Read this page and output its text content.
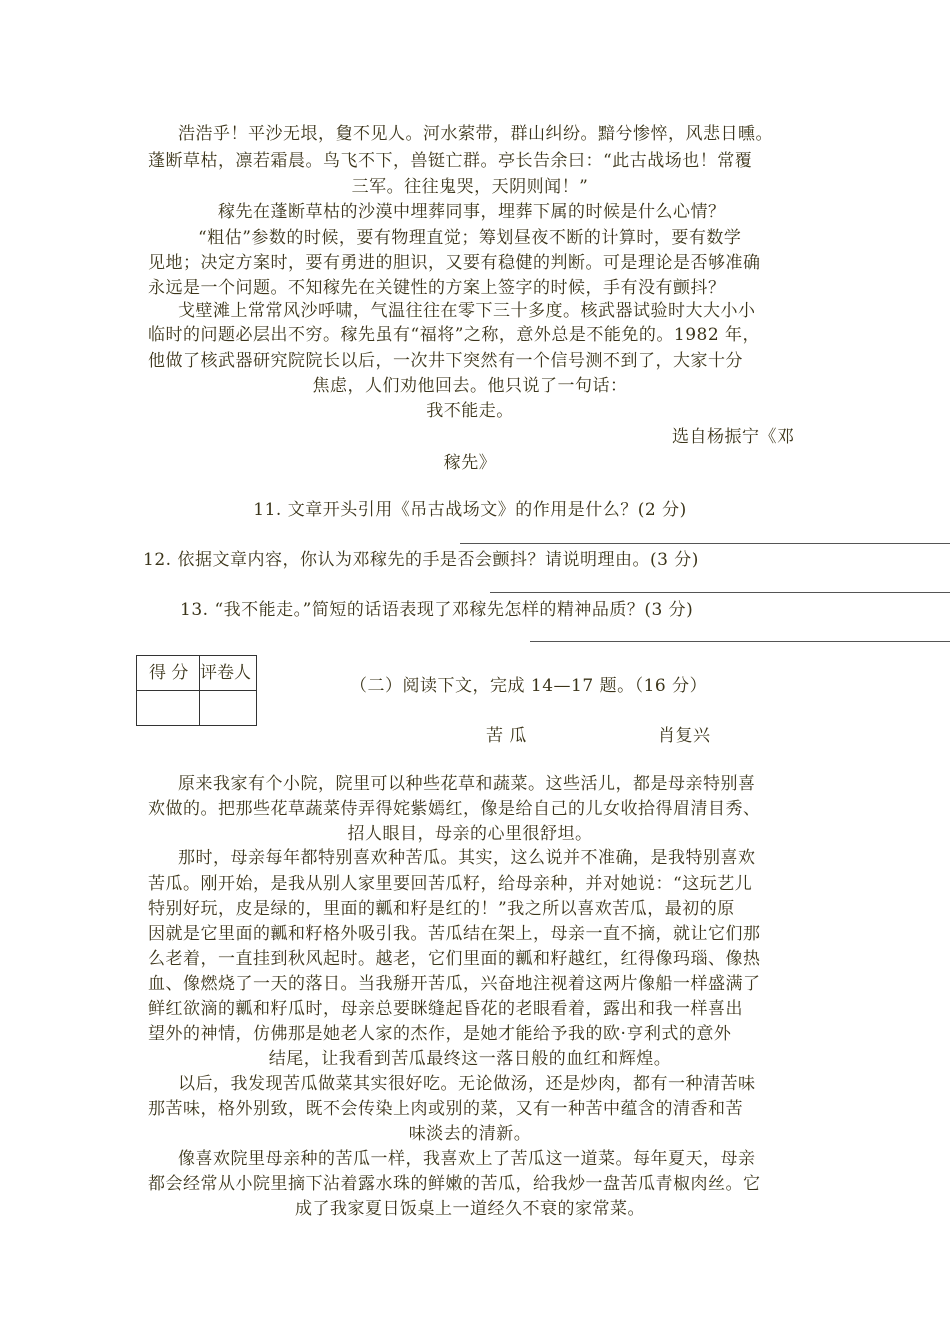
浩浩乎！平沙无垠，敻不见人。河水萦带，群山纠纷。黯兮惨悴，风悲日曛。
蓬断草枯，凛若霜晨。鸟飞不下，兽铤亡群。亭长告余曰：“此古战场也！常覆
三军。往往鬼哭，天阴则闻！”
稼先在蓬断草枯的沙漠中埋葬同事，埋葬下属的时候是什么心情？
“粗估”参数的时候，要有物理直觉；筹划昼夜不断的计算时，要有数学
见地；决定方案时，要有勇进的胆识，又要有稳健的判断。可是理论是否够准确
永远是一个问题。不知稼先在关键性的方案上签字的时候，手有没有颤抖？
戈壁滩上常常风沙呼啸，气温往往在零下三十多度。核武器试验时大大小小
临时的问题必层出不穷。稼先虽有“福将”之称，意外总是不能免的。1982 年，
他做了核武器研究院院长以后，一次井下突然有一个信号测不到了，大家十分
焦虑，人们劝他回去。他只说了一句话：
我不能走。
选自杨振宁《邓
稼先》
11. 文章开头引用《吊古战场文》的作用是什么？(2 分)
12. 依据文章内容，你认为邓稼先的手是否会颤抖？请说明理由。(3 分)
13. “我不能走。”简短的话语表现了邓稼先怎样的精神品质？(3 分)
得 分	评卷人

（二）阅读下文，完成 14—17 题。（16 分）
苦 瓜	肖复兴
原来我家有个小院，院里可以种些花草和蔬菜。这些活儿，都是母亲特别喜
欢做的。把那些花草蔬菜侍弄得姹紫嫣红，像是给自己的儿女收拾得眉清目秀、
招人眼目，母亲的心里很舒坦。
那时，母亲每年都特别喜欢种苦瓜。其实，这么说并不准确，是我特别喜欢
苦瓜。刚开始，是我从别人家里要回苦瓜籽，给母亲种，并对她说：“这玩艺儿
特别好玩，皮是绿的，里面的瓤和籽是红的！”我之所以喜欢苦瓜，最初的原
因就是它里面的瓤和籽格外吸引我。苦瓜结在架上，母亲一直不摘，就让它们那
么老着，一直挂到秋风起时。越老，它们里面的瓤和籽越红，红得像玛瑙、像热
血、像燃烧了一天的落日。当我掰开苦瓜，兴奋地注视着这两片像船一样盛满了
鲜红欲滴的瓤和籽瓜时，母亲总要眯缝起昏花的老眼看着，露出和我一样喜出
望外的神情，仿佛那是她老人家的杰作，是她才能给予我的欧·亨利式的意外
结尾，让我看到苦瓜最终这一落日般的血红和辉煌。
以后，我发现苦瓜做菜其实很好吃。无论做汤，还是炒肉，都有一种清苦味
那苦味，格外别致，既不会传染上肉或别的菜，又有一种苦中蕴含的清香和苦
味淡去的清新。
像喜欢院里母亲种的苦瓜一样，我喜欢上了苦瓜这一道菜。每年夏天，母亲
都会经常从小院里摘下沾着露水珠的鲜嫩的苦瓜，给我炒一盘苦瓜青椒肉丝。它
成了我家夏日饭桌上一道经久不衰的家常菜。
